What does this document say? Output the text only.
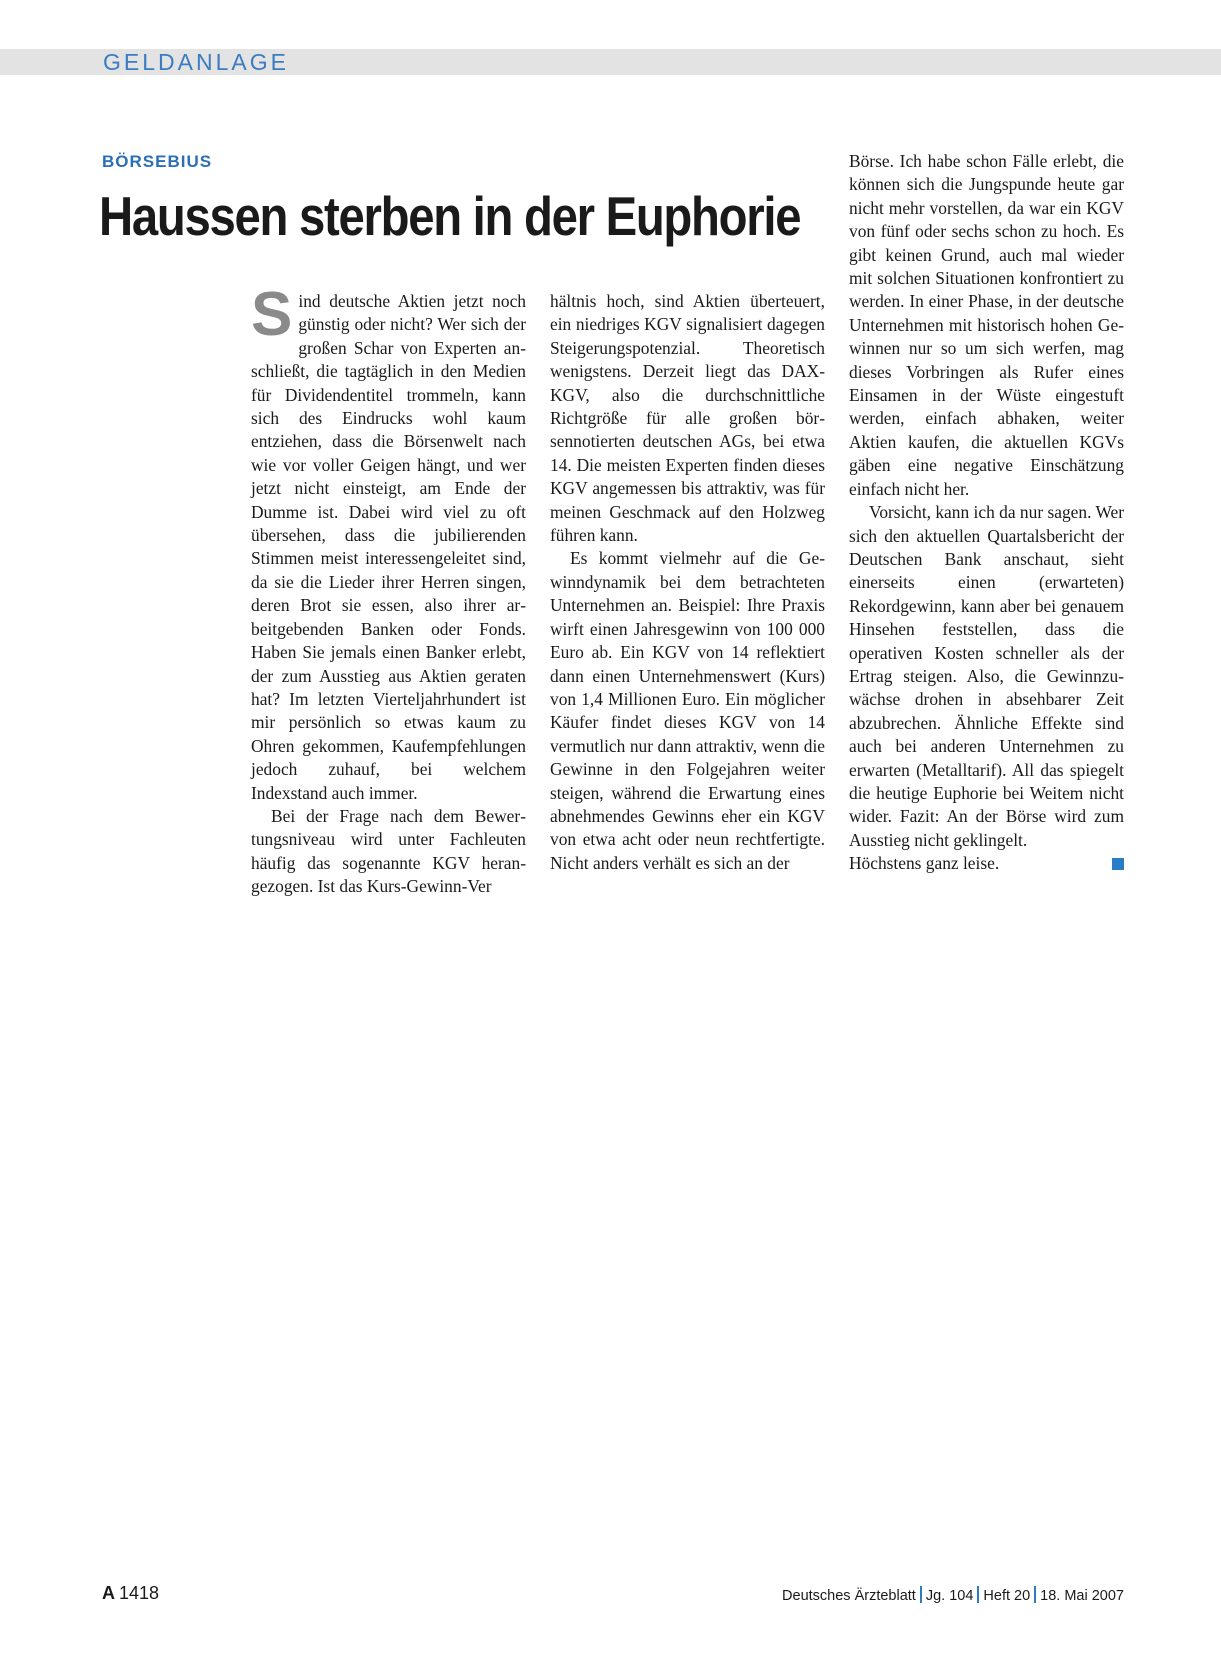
GELDANLAGE
BÖRSEBIUS
Haussen sterben in der Euphorie

Sind deutsche Aktien jetzt noch günstig oder nicht? Wer sich der großen Schar von Experten anschließt, die tagtäglich in den Medien für Dividendentitel trommeln, kann sich des Eindrucks wohl kaum entziehen, dass die Börsenwelt nach wie vor voller Geigen hängt, und wer jetzt nicht einsteigt, am Ende der Dumme ist. Dabei wird viel zu oft übersehen, dass die jubilierenden Stimmen meist interessengeleitet sind, da sie die Lieder ihrer Herren singen, deren Brot sie essen, also ihrer arbeitgebenden Banken oder Fonds. Haben Sie jemals einen Banker erlebt, der zum Ausstieg aus Aktien geraten hat? Im letzten Vierteljahrhundert ist mir persönlich so etwas kaum zu Ohren gekommen, Kaufempfehlungen jedoch zuhauf, bei welchem Indexstand auch immer.

Bei der Frage nach dem Bewertungsniveau wird unter Fachleuten häufig das sogenannte KGV herangezogen. Ist das Kurs-Gewinn-Ver

hältnis hoch, sind Aktien überteuert, ein niedriges KGV signalisiert dagegen Steigerungspotenzial. Theoretisch wenigstens. Derzeit liegt das DAX-KGV, also die durchschnittliche Richtgröße für alle großen börsennotierten deutschen AGs, bei etwa 14. Die meisten Experten finden dieses KGV angemessen bis attraktiv, was für meinen Geschmack auf den Holzweg führen kann.

Es kommt vielmehr auf die Gewinndynamik bei dem betrachteten Unternehmen an. Beispiel: Ihre Praxis wirft einen Jahresgewinn von 100 000 Euro ab. Ein KGV von 14 reflektiert dann einen Unternehmenswert (Kurs) von 1,4 Millionen Euro. Ein möglicher Käufer findet dieses KGV von 14 vermutlich nur dann attraktiv, wenn die Gewinne in den Folgejahren weiter steigen, während die Erwartung eines abnehmendes Gewinns eher ein KGV von etwa acht oder neun rechtfertigte. Nicht anders verhält es sich an der

Börse. Ich habe schon Fälle erlebt, die können sich die Jungspunde heute gar nicht mehr vorstellen, da war ein KGV von fünf oder sechs schon zu hoch. Es gibt keinen Grund, auch mal wieder mit solchen Situationen konfrontiert zu werden. In einer Phase, in der deutsche Unternehmen mit historisch hohen Gewinnen nur so um sich werfen, mag dieses Vorbringen als Rufer eines Einsamen in der Wüste eingestuft werden, einfach abhaken, weiter Aktien kaufen, die aktuellen KGVs gäben eine negative Einschätzung einfach nicht her.

Vorsicht, kann ich da nur sagen. Wer sich den aktuellen Quartalsbericht der Deutschen Bank anschaut, sieht einerseits einen (erwarteten) Rekordgewinn, kann aber bei genauem Hinsehen feststellen, dass die operativen Kosten schneller als der Ertrag steigen. Also, die Gewinnzuwächse drohen in absehbarer Zeit abzubrechen. Ähnliche Effekte sind auch bei anderen Unternehmen zu erwarten (Metalltarif). All das spiegelt die heutige Euphorie bei Weitem nicht wider. Fazit: An der Börse wird zum Ausstieg nicht geklingelt.

Höchstens ganz leise.

A 1418	Deutsches Ärzteblatt Jg. 104 Heft 20 18. Mai 2007
